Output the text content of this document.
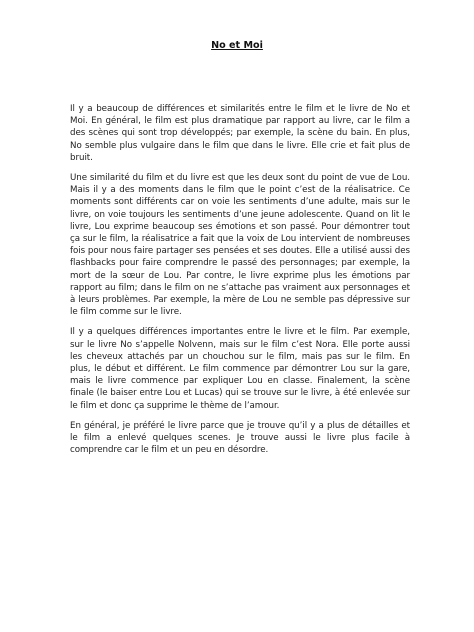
No et Moi

Il y a beaucoup de différences et similarités entre le film et le livre de No et Moi. En général, le film est plus dramatique par rapport au livre, car le film a des scènes qui sont trop développés; par exemple, la scène du bain. En plus, No semble plus vulgaire dans le film que dans le livre. Elle crie et fait plus de bruit.

Une similarité du film et du livre est que les deux sont du point de vue de Lou. Mais il y a des moments dans le film que le point c’est de la réalisatrice. Ce moments sont différents car on voie les sentiments d’une adulte, mais sur le livre, on voie toujours les sentiments d’une jeune adolescente. Quand on lit le livre, Lou exprime beaucoup ses émotions et son passé. Pour démontrer tout ça sur le film, la réalisatrice a fait que la voix de Lou intervient de nombreuses fois pour nous faire partager ses pensées et ses doutes. Elle a utilisé aussi des flashbacks pour faire comprendre le passé des personnages; par exemple, la mort de la sœur de Lou. Par contre, le livre exprime plus les émotions par rapport au film; dans le film on ne s’attache pas vraiment aux personnages et à leurs problèmes. Par exemple, la mère de Lou ne semble pas dépressive sur le film comme sur le livre.

Il y a quelques différences importantes entre le livre et le film. Par exemple, sur le livre No s’appelle Nolvenn, mais sur le film c’est Nora. Elle porte aussi les cheveux attachés par un chouchou sur le film, mais pas sur le film. En plus, le début et différent. Le film commence par démontrer Lou sur la gare, mais le livre commence par expliquer Lou en classe. Finalement, la scène finale (le baiser entre Lou et Lucas) qui se trouve sur le livre, à été enlevée sur le film et donc ça supprime le thème de l’amour.

En général, je préféré le livre parce que je trouve qu’il y a plus de détailles et le film a enlevé quelques scenes. Je trouve aussi le livre plus facile à comprendre car le film et un peu en désordre.
